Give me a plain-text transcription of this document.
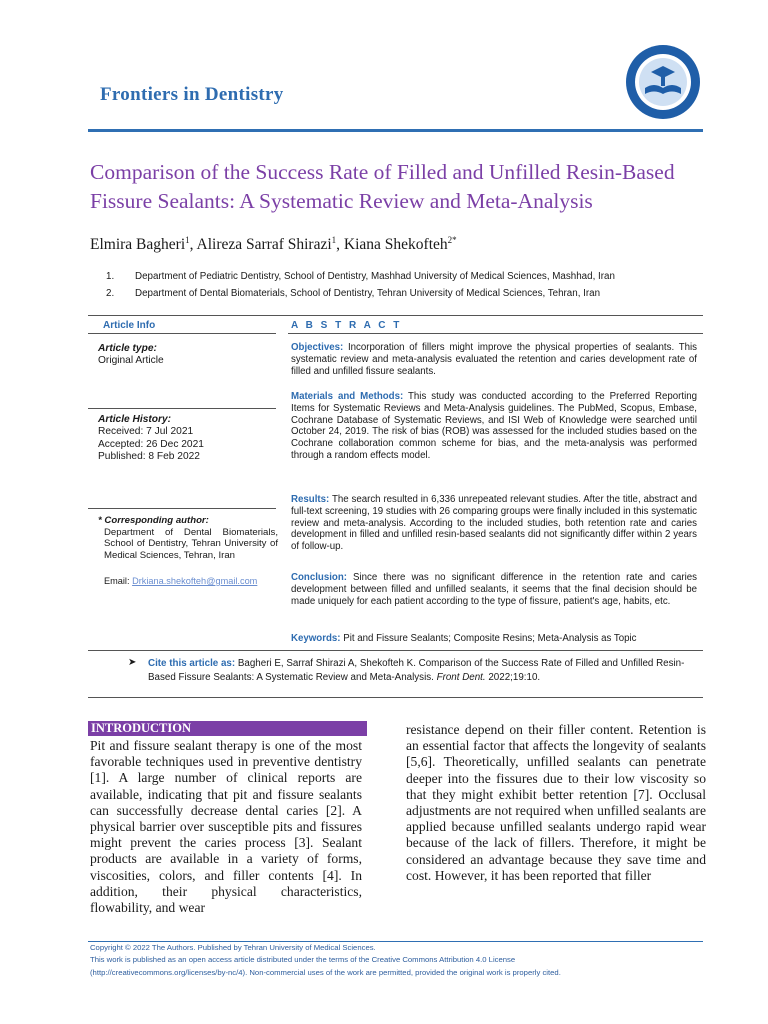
Frontiers in Dentistry
Comparison of the Success Rate of Filled and Unfilled Resin-Based Fissure Sealants: A Systematic Review and Meta-Analysis
Elmira Bagheri$^1$, Alireza Sarraf Shirazi$^1$, Kiana Shekofteh$^{2*}$
1. Department of Pediatric Dentistry, School of Dentistry, Mashhad University of Medical Sciences, Mashhad, Iran
2. Department of Dental Biomaterials, School of Dentistry, Tehran University of Medical Sciences, Tehran, Iran
Article Info	A B S T R A C T
Article type:
Original Article
Article History:
Received: 7 Jul 2021
Accepted: 26 Dec 2021
Published: 8 Feb 2022
* Corresponding author:

Department of Dental Biomaterials, School of Dentistry, Tehran University of Medical Sciences, Tehran, Iran
Email: Drkiana.shekofteh@gmail.com
Objectives: Incorporation of fillers might improve the physical properties of sealants. This systematic review and meta-analysis evaluated the retention and caries development rate of filled and unfilled fissure sealants.
Materials and Methods: This study was conducted according to the Preferred Reporting Items for Systematic Reviews and Meta-Analysis guidelines. The PubMed, Scopus, Embase, Cochrane Database of Systematic Reviews, and ISI Web of Knowledge were searched until October 24, 2019. The risk of bias (ROB) was assessed for the included studies based on the Cochrane collaboration common scheme for bias, and the meta-analysis was performed through a random effects model.
Results: The search resulted in 6,336 unrepeated relevant studies. After the title, abstract and full-text screening, 19 studies with 26 comparing groups were finally included in this systematic review and meta-analysis. According to the included studies, both retention rate and caries development in filled and unfilled resin-based sealants did not significantly differ within 2 years of follow-up.
Conclusion: Since there was no significant difference in the retention rate and caries development between filled and unfilled sealants, it seems that the final decision should be made uniquely for each patient according to the type of fissure, patient's age, habits, etc.
Keywords: Pit and Fissure Sealants; Composite Resins; Meta-Analysis as Topic
➤ Cite this article as: Bagheri E, Sarraf Shirazi A, Shekofteh K. Comparison of the Success Rate of Filled and Unfilled Resin-Based Fissure Sealants: A Systematic Review and Meta-Analysis. Front Dent. 2022;19:10.
INTRODUCTION
Pit and fissure sealant therapy is one of the most favorable techniques used in preventive dentistry [1]. A large number of clinical reports are available, indicating that pit and fissure sealants can successfully decrease dental caries [2]. A physical barrier over susceptible pits and fissures might prevent the caries process [3]. Sealant products are available in a variety of forms, viscosities, colors, and filler contents [4]. In addition, their physical characteristics, flowability, and wear
resistance depend on their filler content. Retention is an essential factor that affects the longevity of sealants [5,6]. Theoretically, unfilled sealants can penetrate deeper into the fissures due to their low viscosity so that they might exhibit better retention [7]. Occlusal adjustments are not required when unfilled sealants are applied because unfilled sealants undergo rapid wear because of the lack of fillers. Therefore, it might be considered an advantage because they save time and cost. However, it has been reported that filler
Copyright © 2022 The Authors. Published by Tehran University of Medical Sciences.
This work is published as an open access article distributed under the terms of the Creative Commons Attribution 4.0 License
(http://creativecommons.org/licenses/by-nc/4). Non-commercial uses of the work are permitted, provided the original work is properly cited.
